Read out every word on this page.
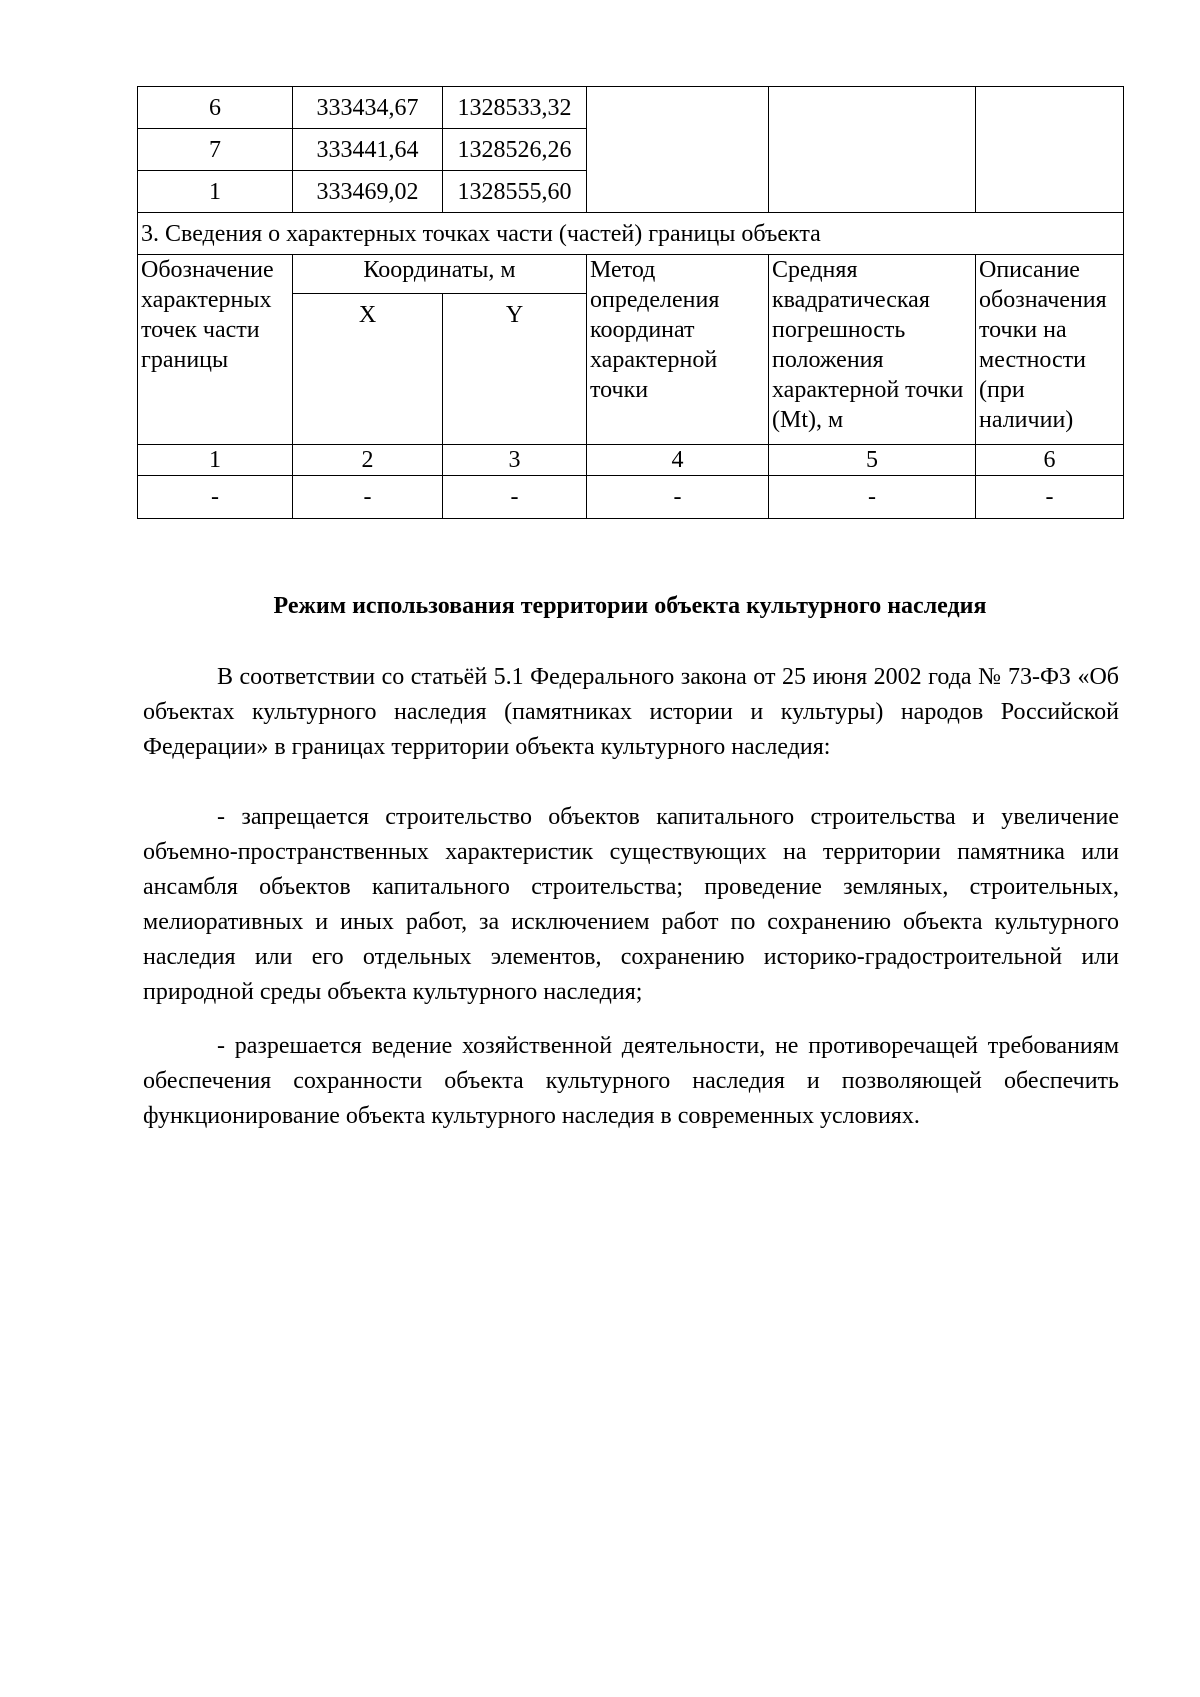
6	333434,67	1328533,32			
7	333441,64	1328526,26			
1	333469,02	1328555,60			
3. Сведения о характерных точках части (частей) границы объекта					
Обозначение характерных точек части границы	Координаты, м		Метод определения координат характерной точки	Средняя квадратическая погрешность положения характерной точки (Mt), м	Описание обозначения точки на местности (при наличии)
	X	Y			
1	2	3	4	5	6
-	-	-	-	-	-
Режим использования территории объекта культурного наследия

В соответствии со статьёй 5.1 Федерального закона от 25 июня 2002 года № 73-ФЗ «Об объектах культурного наследия (памятниках истории и культуры) народов Российской Федерации» в границах территории объекта культурного наследия:

- запрещается строительство объектов капитального строительства и увеличение объемно-пространственных характеристик существующих на территории памятника или ансамбля объектов капитального строительства; проведение земляных, строительных, мелиоративных и иных работ, за исключением работ по сохранению объекта культурного наследия или его отдельных элементов, сохранению историко-градостроительной или природной среды объекта культурного наследия;

- разрешается ведение хозяйственной деятельности, не противоречащей требованиям обеспечения сохранности объекта культурного наследия и позволяющей обеспечить функционирование объекта культурного наследия в современных условиях.
